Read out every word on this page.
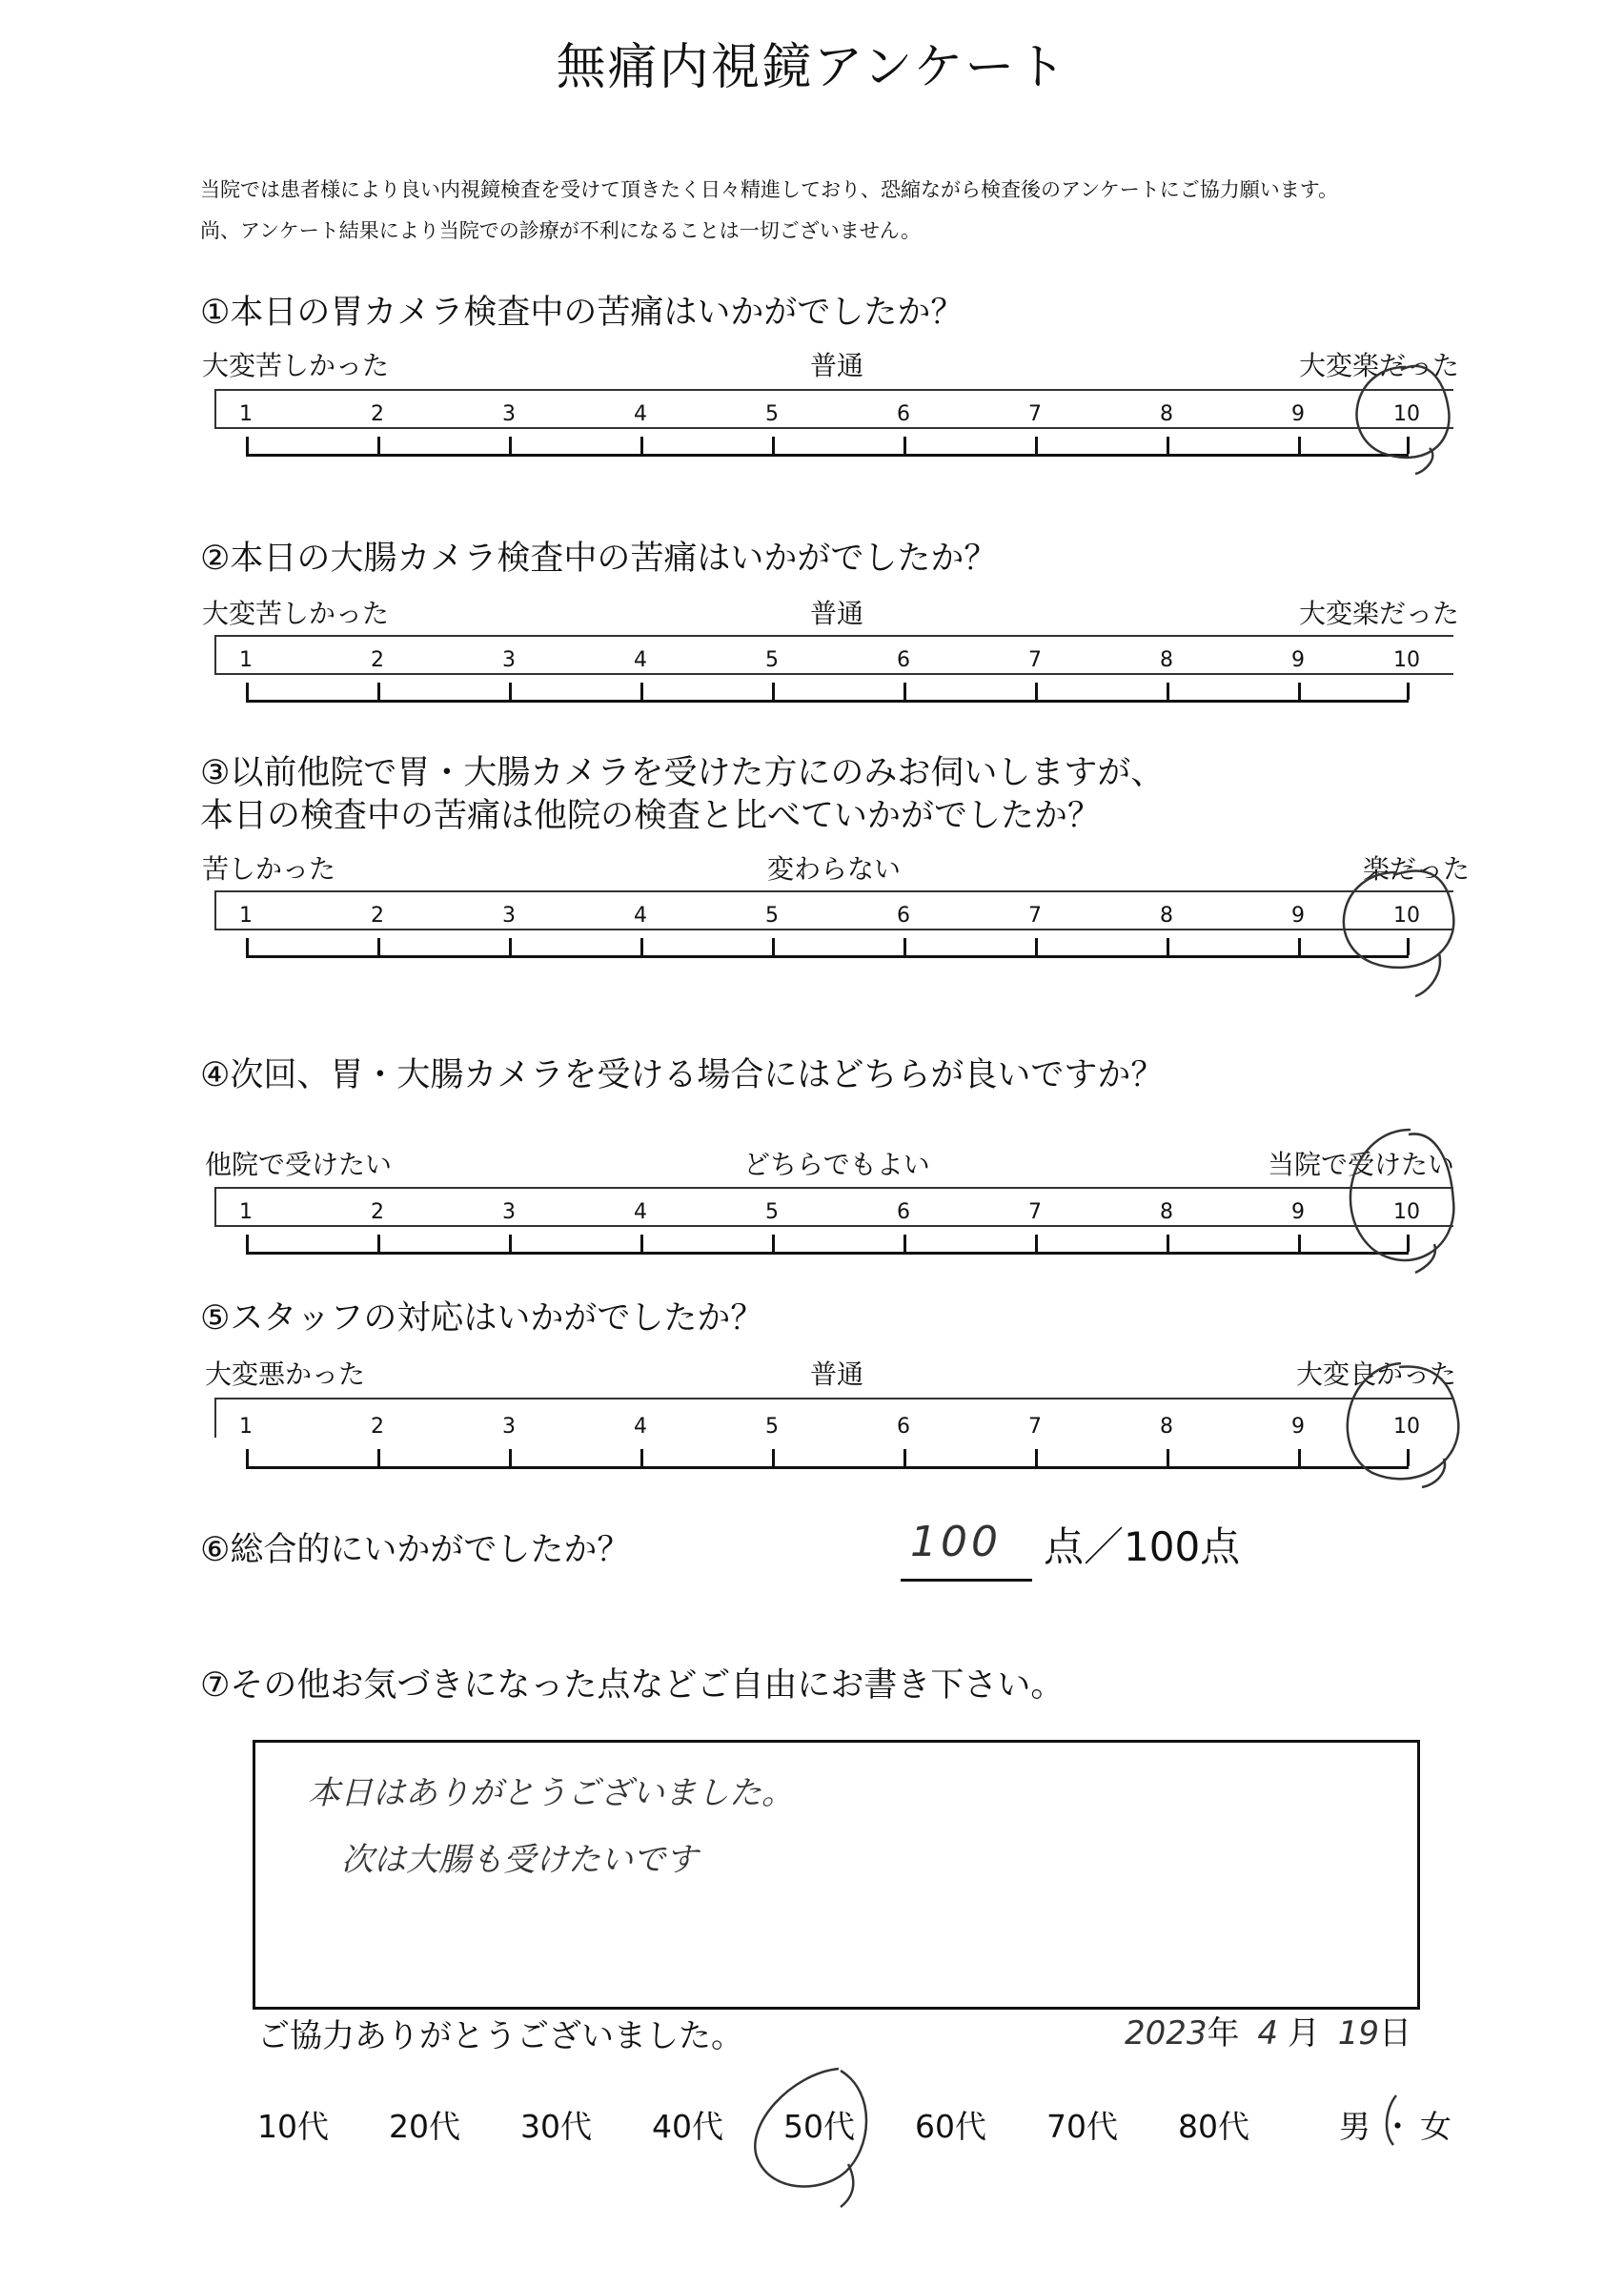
無痛内視鏡アンケート
当院では患者様により良い内視鏡検査を受けて頂きたく日々精進しており、恐縮ながら検査後のアンケートにご協力願います。
尚、アンケート結果により当院での診療が不利になることは一切ございません。
①本日の胃カメラ検査中の苦痛はいかがでしたか？
大変苦しかった	普通	大変楽だった
1	2	3	4	5	6	7	8	9	10
②本日の大腸カメラ検査中の苦痛はいかがでしたか？
大変苦しかった	普通	大変楽だった
1	2	3	4	5	6	7	8	9	10
③以前他院で胃・大腸カメラを受けた方にのみお伺いしますが、
本日の検査中の苦痛は他院の検査と比べていかがでしたか？
苦しかった	変わらない	楽だった
1	2	3	4	5	6	7	8	9	10
④次回、胃・大腸カメラを受ける場合にはどちらが良いですか？
他院で受けたい	どちらでもよい	当院で受けたい
1	2	3	4	5	6	7	8	9	10
⑤スタッフの対応はいかがでしたか？
大変悪かった	普通	大変良かった
1	2	3	4	5	6	7	8	9	10
⑥総合的にいかがでしたか？	100 点／100点
⑦その他お気づきになった点などご自由にお書き下さい。
本日はありがとうございました。
次は大腸も受けたいです
ご協力ありがとうございました。	2023年 4 月 19日
10代 20代 30代 40代 50代 60代 70代 80代	男 ・ 女
